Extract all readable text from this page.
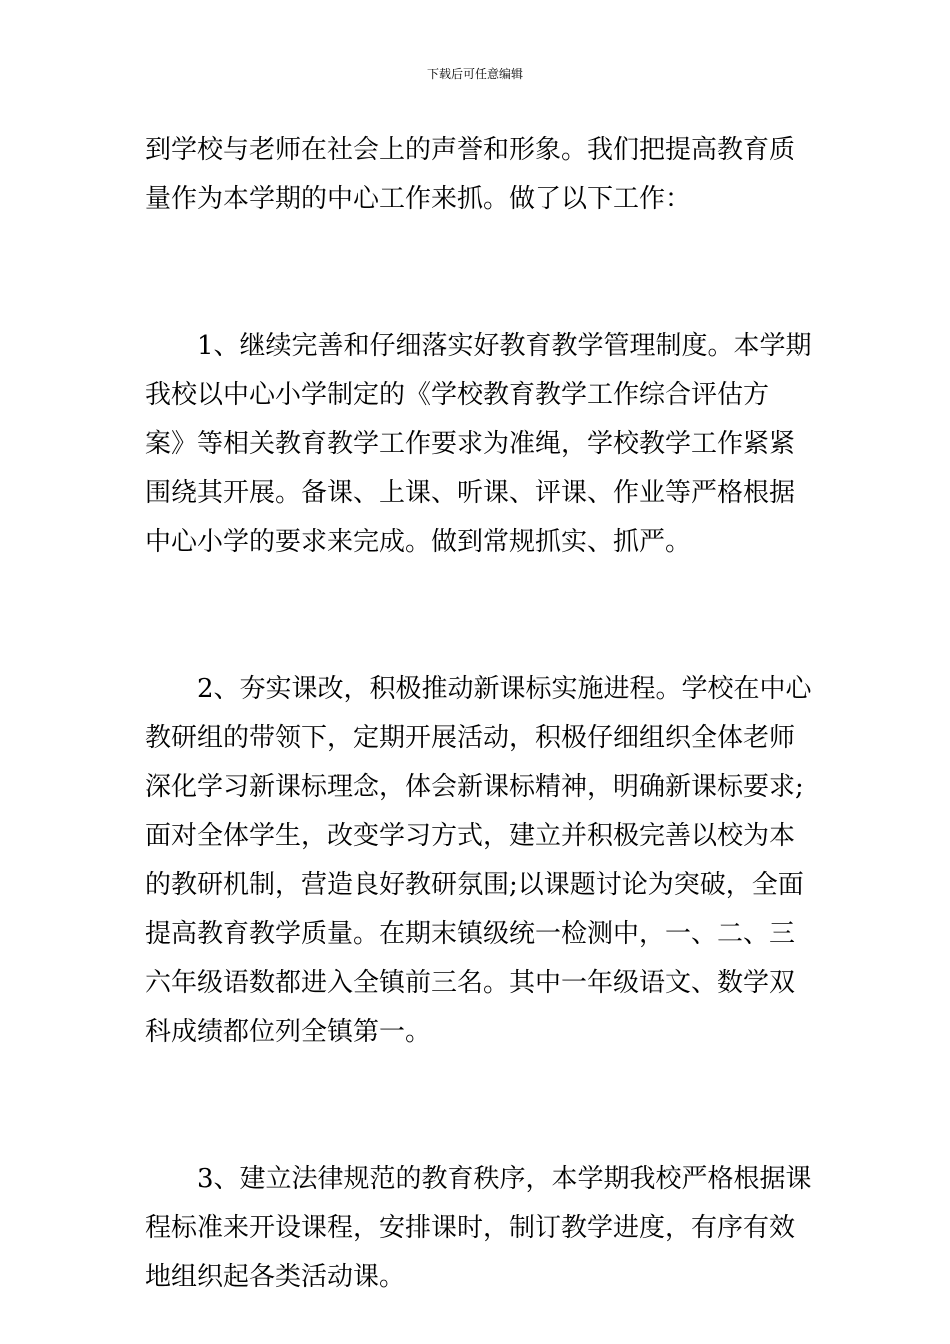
下载后可任意编辑

到学校与老师在社会上的声誉和形象。我们把提高教育质
量作为本学期的中心工作来抓。做了以下工作：

1、继续完善和仔细落实好教育教学管理制度。本学期
我校以中心小学制定的《学校教育教学工作综合评估方
案》等相关教育教学工作要求为准绳，学校教学工作紧紧
围绕其开展。备课、上课、听课、评课、作业等严格根据
中心小学的要求来完成。做到常规抓实、抓严。

2、夯实课改，积极推动新课标实施进程。学校在中心
教研组的带领下，定期开展活动，积极仔细组织全体老师
深化学习新课标理念，体会新课标精神，明确新课标要求;
面对全体学生，改变学习方式，建立并积极完善以校为本
的教研机制，营造良好教研氛围;以课题讨论为突破，全面
提高教育教学质量。在期末镇级统一检测中，一、二、三
六年级语数都进入全镇前三名。其中一年级语文、数学双
科成绩都位列全镇第一。

3、建立法律规范的教育秩序，本学期我校严格根据课
程标准来开设课程，安排课时，制订教学进度，有序有效
地组织起各类活动课。
